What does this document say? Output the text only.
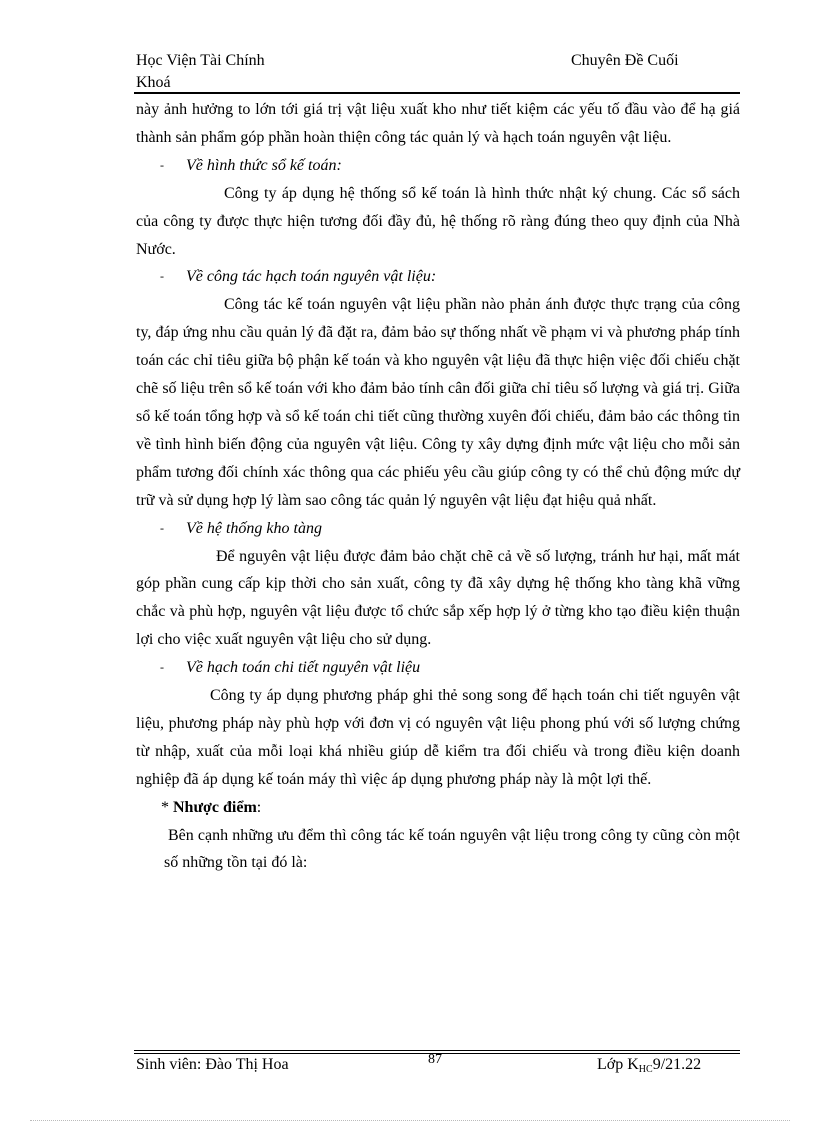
Học Viện Tài Chính
Khoá
Chuyên Đề Cuối

này ảnh hưởng to lớn tới giá trị vật liệu xuất kho như tiết kiệm các yếu tố đầu vào để hạ giá thành sản phẩm góp phần hoàn thiện công tác quản lý và hạch toán nguyên vật liệu.

- Về hình thức sổ kế toán:

Công ty áp dụng hệ thống sổ kế toán là hình thức nhật ký chung. Các sổ sách của công ty được thực hiện tương đối đầy đủ, hệ thống rõ ràng đúng theo quy định của Nhà Nước.

- Về công tác hạch toán nguyên vật liệu:

Công tác kế toán nguyên vật liệu phần nào phản ánh được thực trạng của công ty, đáp ứng nhu cầu quản lý đã đặt ra, đảm bảo sự thống nhất về phạm vi và phương pháp tính toán các chỉ tiêu giữa bộ phận kế toán và kho nguyên vật liệu đã thực hiện việc đối chiếu chặt chẽ số liệu trên sổ kế toán với kho đảm bảo tính cân đối giữa chỉ tiêu số lượng và giá trị. Giữa sổ kế toán tổng hợp và sổ kế toán chi tiết cũng thường xuyên đối chiếu, đảm bảo các thông tin về tình hình biến động của nguyên vật liệu. Công ty xây dựng định mức vật liệu cho mỗi sản phẩm tương đối chính xác thông qua các phiếu yêu cầu giúp công ty có thể chủ động mức dự trữ và sử dụng hợp lý làm sao công tác quản lý nguyên vật liệu đạt hiệu quả nhất.

- Về hệ thống kho tàng

Để nguyên vật liệu được đảm bảo chặt chẽ cả về số lượng, tránh hư hại, mất mát góp phần cung cấp kịp thời cho sản xuất, công ty đã xây dựng hệ thống kho tàng khã vững chắc và phù hợp, nguyên vật liệu được tổ chức sắp xếp hợp lý ở từng kho tạo điều kiện thuận lợi cho việc xuất nguyên vật liệu cho sử dụng.

- Về hạch toán chi tiết nguyên vật liệu

Công ty áp dụng phương pháp ghi thẻ song song để hạch toán chi tiết nguyên vật liệu, phương pháp này phù hợp với đơn vị có nguyên vật liệu phong phú với số lượng chứng từ nhập, xuất của mỗi loại khá nhiều giúp dễ kiểm tra đối chiếu và trong điều kiện doanh nghiệp đã áp dụng kế toán máy thì việc áp dụng phương pháp này là một lợi thế.

* Nhược điểm:

Bên cạnh những ưu đểm thì công tác kế toán nguyên vật liệu trong công ty cũng còn một số những tồn tại đó là:

Sinh viên: Đào Thị Hoa	87	Lớp $K_{HC}9/21.22$
